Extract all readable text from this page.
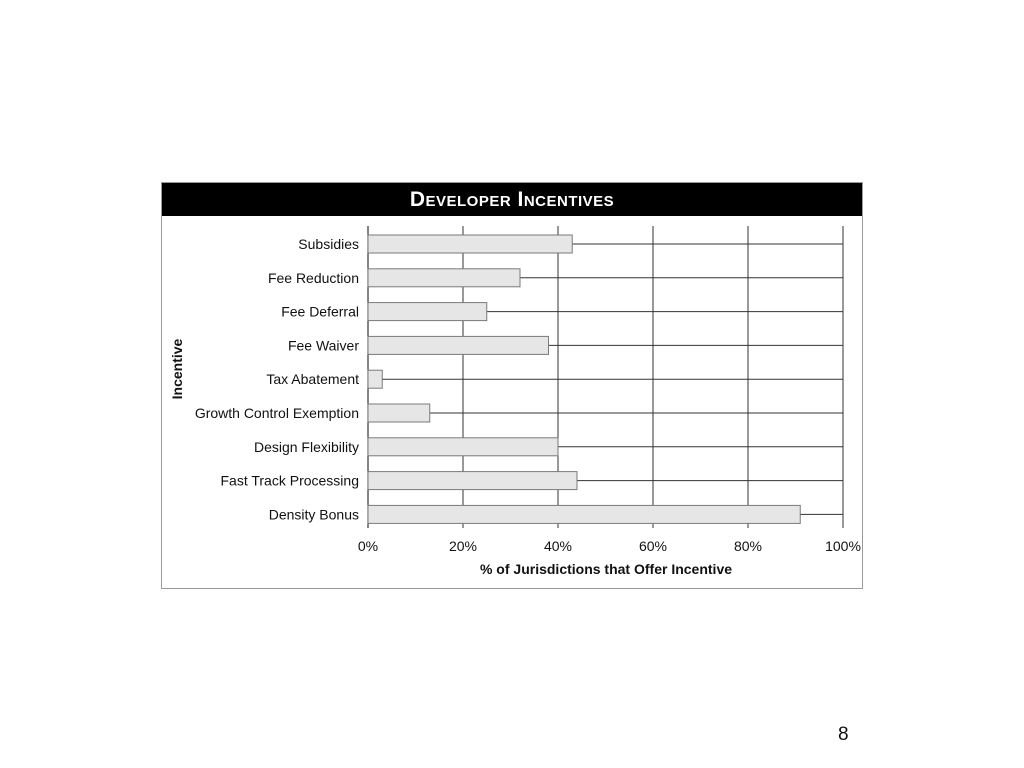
Developer Incentives
Subsidies
Fee Reduction
Fee Deferral
Fee Waiver
Tax Abatement
Growth Control Exemption
Design Flexibility
Fast Track Processing
Density Bonus
0%	20%	40%	60%	80%	100%
% of Jurisdictions that Offer Incentive
Incentive
8
